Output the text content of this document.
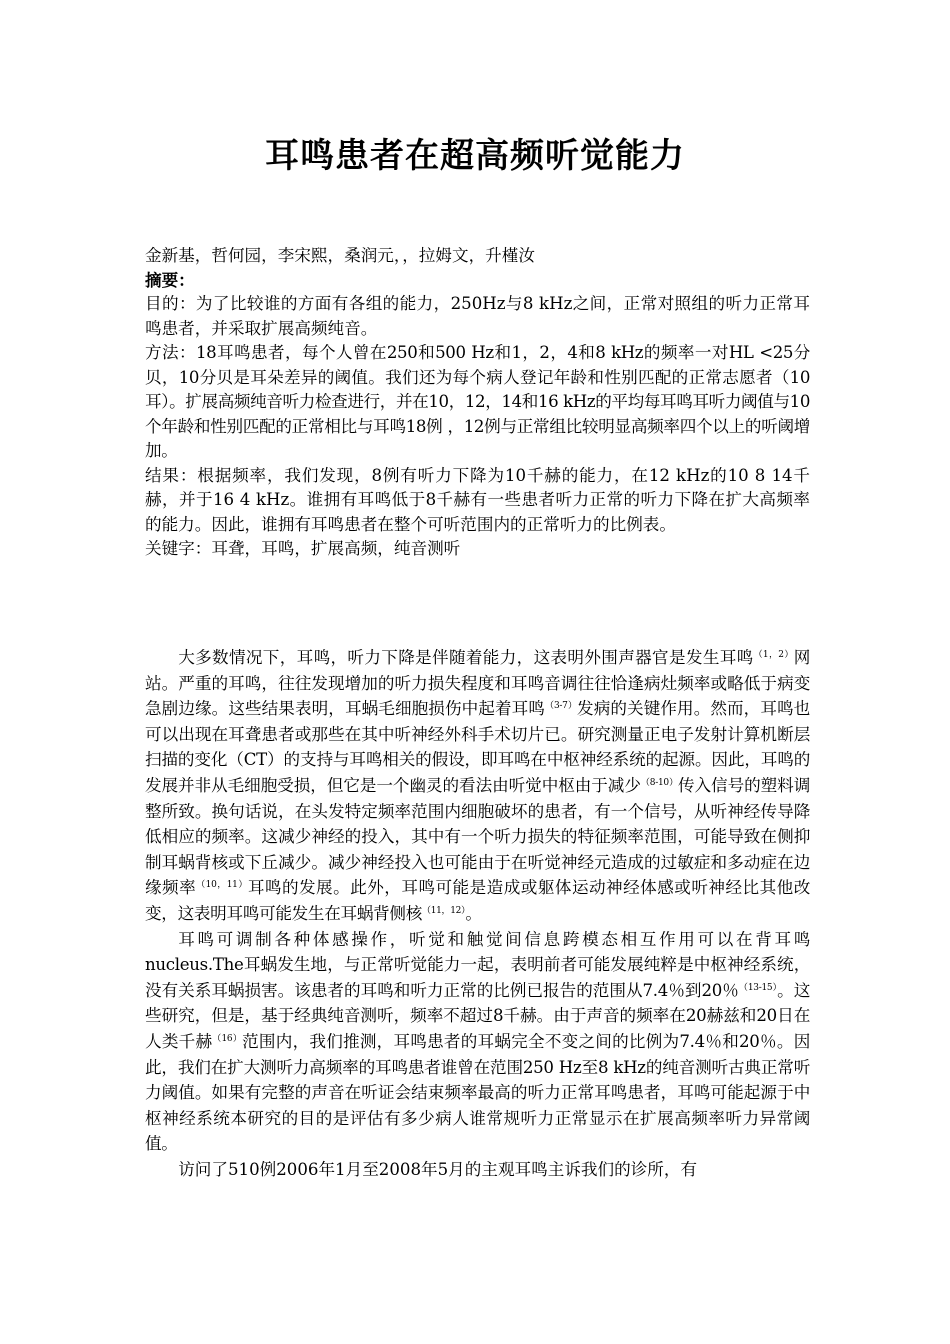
耳鸣患者在超高频听觉能力

金新基，哲何园，李宋熙，桑润元，，拉姆文，升槿汝

摘要：

目的：为了比较谁的方面有各组的能力，250Hz与8 kHz之间，正常对照组的听力正常耳鸣患者，并采取扩展高频纯音。

方法：18耳鸣患者，每个人曾在250和500 Hz和1，2，4和8 kHz的频率一对HL <25分贝，10分贝是耳朵差异的阈值。我们还为每个病人登记年龄和性别匹配的正常志愿者（10耳）。扩展高频纯音听力检查进行，并在10，12，14和16 kHz的平均每耳鸣耳听力阈值与10个年龄和性别匹配的正常相比与耳鸣18例 ，12例与正常组比较明显高频率四个以上的听阈增加。

结果：根据频率，我们发现，8例有听力下降为10千赫的能力，在12 kHz的10 8 14千赫，并于16 4 kHz。谁拥有耳鸣低于8千赫有一些患者听力正常的听力下降在扩大高频率的能力。因此，谁拥有耳鸣患者在整个可听范围内的正常听力的比例表。

关键字：耳聋，耳鸣，扩展高频，纯音测听

大多数情况下，耳鸣，听力下降是伴随着能力，这表明外围声器官是发生耳鸣$^{(1,2)}$网站。严重的耳鸣，往往发现增加的听力损失程度和耳鸣音调往往恰逢病灶频率或略低于病变急剧边缘。这些结果表明，耳蜗毛细胞损伤中起着耳鸣$^{(3-7)}$发病的关键作用。然而，耳鸣也可以出现在耳聋患者或那些在其中听神经外科手术切片已。研究测量正电子发射计算机断层扫描的变化（CT）的支持与耳鸣相关的假设，即耳鸣在中枢神经系统的起源。因此，耳鸣的发展并非从毛细胞受损，但它是一个幽灵的看法由听觉中枢由于减少$^{(8-10)}$传入信号的塑料调整所致。换句话说，在头发特定频率范围内细胞破坏的患者，有一个信号，从听神经传导降低相应的频率。这减少神经的投入，其中有一个听力损失的特征频率范围，可能导致在侧抑制耳蜗背核或下丘减少。减少神经投入也可能由于在听觉神经元造成的过敏症和多动症在边缘频率$^{(10,11)}$耳鸣的发展。此外，耳鸣可能是造成或躯体运动神经体感或听神经比其他改变，这表明耳鸣可能发生在耳蜗背侧核$^{(11,12)}$。

耳鸣可调制各种体感操作，听觉和触觉间信息跨模态相互作用可以在背耳鸣nucleus.The耳蜗发生地，与正常听觉能力一起，表明前者可能发展纯粹是中枢神经系统，没有关系耳蜗损害。该患者的耳鸣和听力正常的比例已报告的范围从7.4％到20％$^{(13-15)}$。这些研究，但是，基于经典纯音测听，频率不超过8千赫。由于声音的频率在20赫兹和20日在人类千赫$^{(16)}$范围内，我们推测，耳鸣患者的耳蜗完全不变之间的比例为7.4％和20％。因此，我们在扩大测听力高频率的耳鸣患者谁曾在范围250 Hz至8 kHz的纯音测听古典正常听力阈值。如果有完整的声音在听证会结束频率最高的听力正常耳鸣患者，耳鸣可能起源于中枢神经系统本研究的目的是评估有多少病人谁常规听力正常显示在扩展高频率听力异常阈值。

访问了510例2006年1月至2008年5月的主观耳鸣主诉我们的诊所，有
